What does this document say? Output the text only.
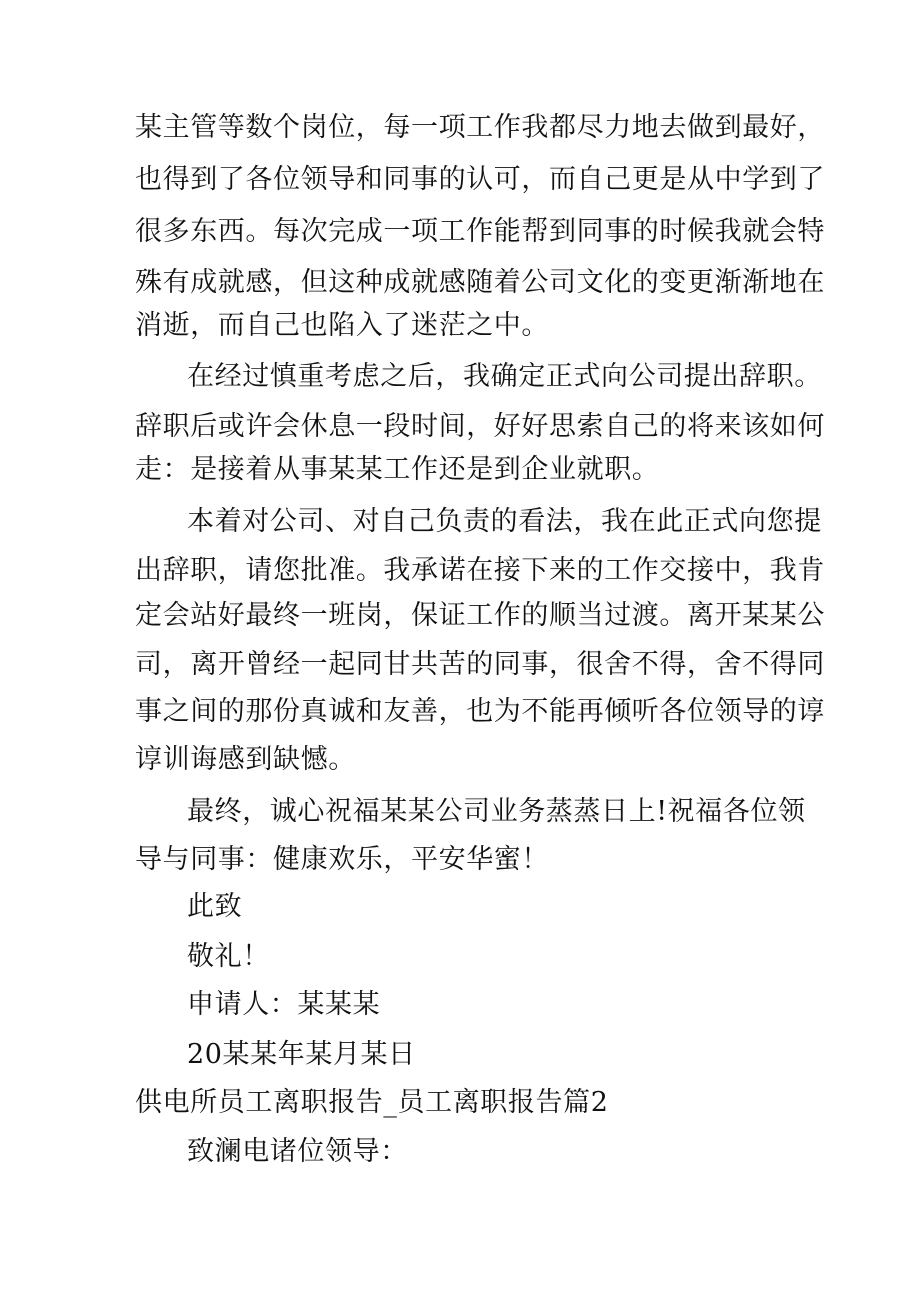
某主管等数个岗位，每一项工作我都尽力地去做到最好，
也得到了各位领导和同事的认可，而自己更是从中学到了
很多东西。每次完成一项工作能帮到同事的时候我就会特
殊有成就感，但这种成就感随着公司文化的变更渐渐地在
消逝，而自己也陷入了迷茫之中。
在经过慎重考虑之后，我确定正式向公司提出辞职。
辞职后或许会休息一段时间，好好思索自己的将来该如何
走：是接着从事某某工作还是到企业就职。
本着对公司、对自己负责的看法，我在此正式向您提
出辞职，请您批准。我承诺在接下来的工作交接中，我肯
定会站好最终一班岗，保证工作的顺当过渡。离开某某公
司，离开曾经一起同甘共苦的同事，很舍不得，舍不得同
事之间的那份真诚和友善，也为不能再倾听各位领导的谆
谆训诲感到缺憾。
最终，诚心祝福某某公司业务蒸蒸日上!祝福各位领
导与同事：健康欢乐，平安华蜜！
此致
敬礼！
申请人：某某某
20某某年某月某日
供电所员工离职报告_员工离职报告篇2
致澜电诸位领导：
